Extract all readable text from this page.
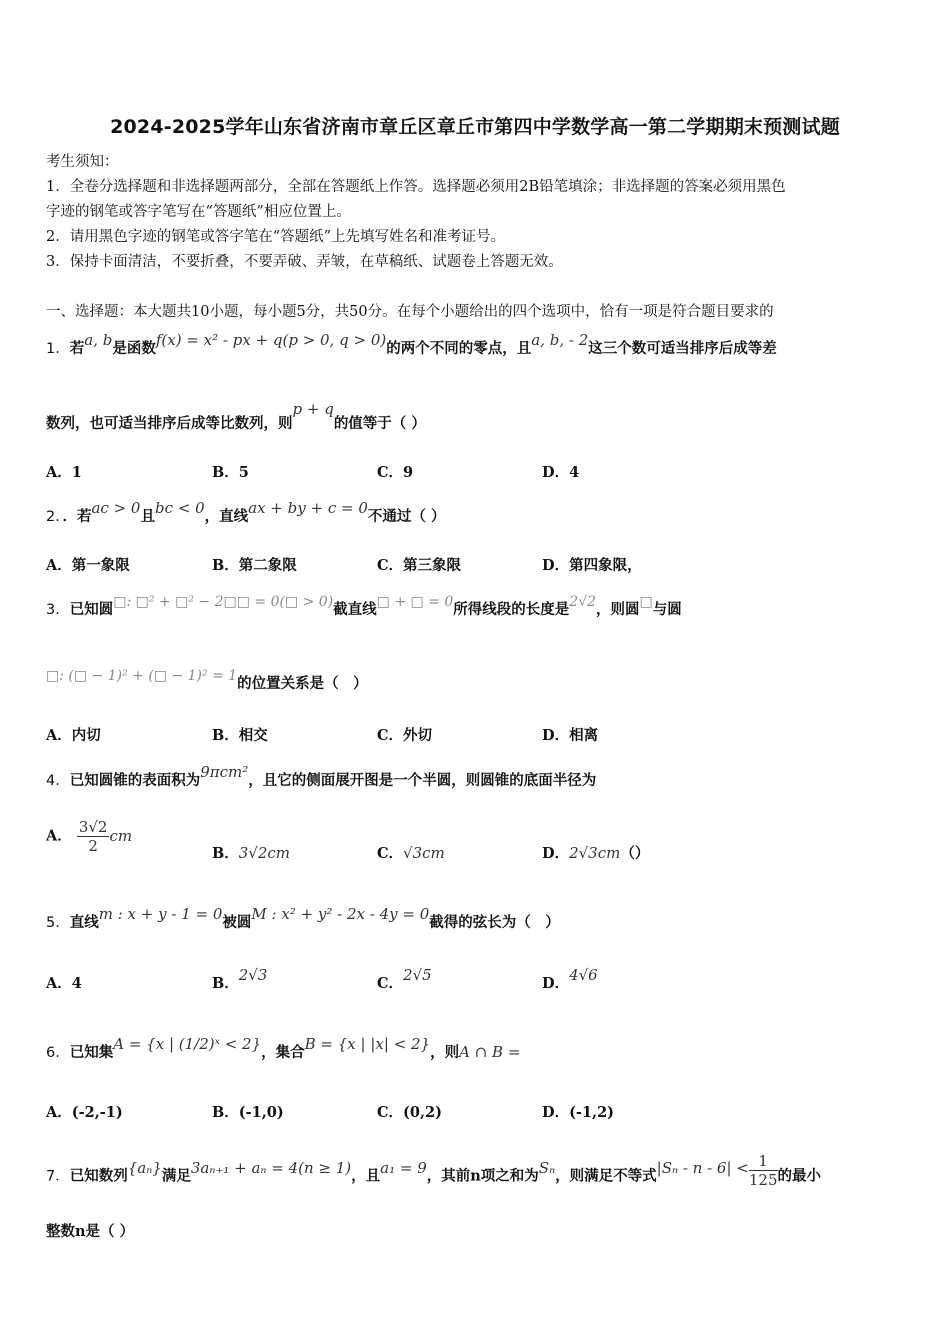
2024-2025学年山东省济南市章丘区章丘市第四中学数学高一第二学期期末预测试题
考生须知：
1．全卷分选择题和非选择题两部分，全部在答题纸上作答。选择题必须用2B铅笔填涂；非选择题的答案必须用黑色
字迹的钢笔或答字笔写在“答题纸”相应位置上。
2．请用黑色字迹的钢笔或答字笔在“答题纸”上先填写姓名和准考证号。
3．保持卡面清洁，不要折叠，不要弄破、弄皱，在草稿纸、试题卷上答题无效。
一、选择题：本大题共10小题，每小题5分，共50分。在每个小题给出的四个选项中，恰有一项是符合题目要求的
1．若a, b是函数f(x) = x² - px + q(p > 0, q > 0)的两个不同的零点，且a, b, - 2这三个数可适当排序后成等差
数列，也可适当排序后成等比数列，则p + q的值等于（ ）
A．1	B．5	C．9	D．4
2．．若ac > 0且bc < 0，直线ax + by + c = 0不通过（ ）
A．第一象限	B．第二象限	C．第三象限	D．第四象限，
3．已知圆□: □² + □² − 2□□ = 0(□ > 0)截直线□ + □ = 0所得线段的长度是2√2，则圆□与圆
□: (□ − 1)² + (□ − 1)² = 1的位置关系是（　）
A．内切	B．相交	C．外切	D．相离
4．已知圆锥的表面积为9πcm²，且它的侧面展开图是一个半圆，则圆锥的底面半径为
A． $\frac{3√2}{2}$ cm
B．3√2cm	C．√3cm	D．2√3cm（）
5．直线m : x + y - 1 = 0被圆M : x² + y² - 2x - 4y = 0截得的弦长为（　）
A．4	B．2√3	C．2√5	D．4√6
6．已知集A = {x | (1/2)ˣ < 2}，集合B = {x | |x| < 2}，则A ∩ B =
A．(-2,-1)	B．(-1,0)	C．(0,2)	D．(-1,2)
7．已知数列{aₙ}满足3aₙ₊₁ + aₙ = 4(n ≥ 1)，且a₁ = 9，其前n项之和为Sₙ，则满足不等式$|S_n - n - 6| < \frac{1}{125}$ 的最小
整数n是（ ）
